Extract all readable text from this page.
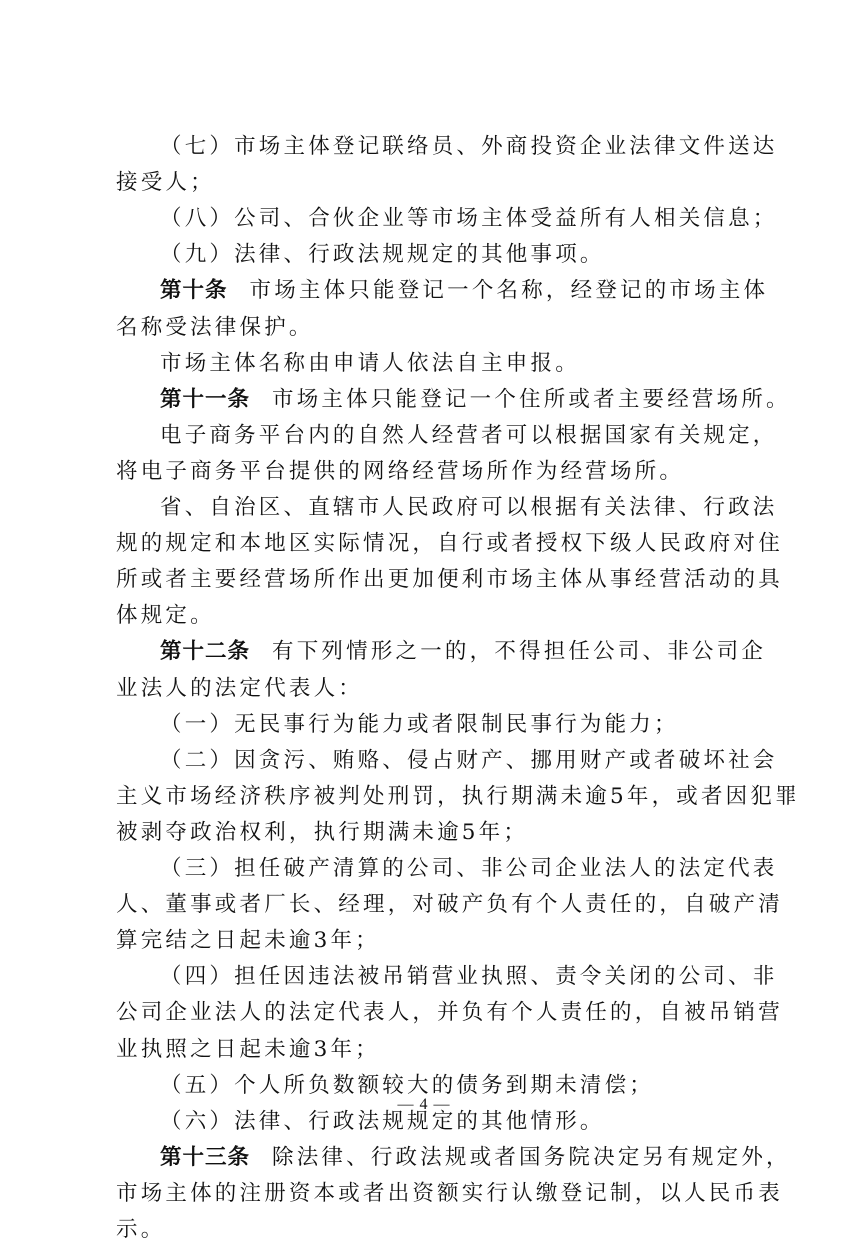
（七）市场主体登记联络员、外商投资企业法律文件送达
接受人；
（八）公司、合伙企业等市场主体受益所有人相关信息；
（九）法律、行政法规规定的其他事项。
第十条 市场主体只能登记一个名称，经登记的市场主体
名称受法律保护。
市场主体名称由申请人依法自主申报。
第十一条 市场主体只能登记一个住所或者主要经营场所。
电子商务平台内的自然人经营者可以根据国家有关规定，
将电子商务平台提供的网络经营场所作为经营场所。
省、自治区、直辖市人民政府可以根据有关法律、行政法
规的规定和本地区实际情况，自行或者授权下级人民政府对住
所或者主要经营场所作出更加便利市场主体从事经营活动的具
体规定。
第十二条 有下列情形之一的，不得担任公司、非公司企
业法人的法定代表人：
（一）无民事行为能力或者限制民事行为能力；
（二）因贪污、贿赂、侵占财产、挪用财产或者破坏社会
主义市场经济秩序被判处刑罚，执行期满未逾5年，或者因犯罪
被剥夺政治权利，执行期满未逾5年；
（三）担任破产清算的公司、非公司企业法人的法定代表
人、董事或者厂长、经理，对破产负有个人责任的，自破产清
算完结之日起未逾3年；
（四）担任因违法被吊销营业执照、责令关闭的公司、非
公司企业法人的法定代表人，并负有个人责任的，自被吊销营
业执照之日起未逾3年；
（五）个人所负数额较大的债务到期未清偿；
（六）法律、行政法规规定的其他情形。
第十三条 除法律、行政法规或者国务院决定另有规定外，
市场主体的注册资本或者出资额实行认缴登记制，以人民币表
示。
— 4 —
